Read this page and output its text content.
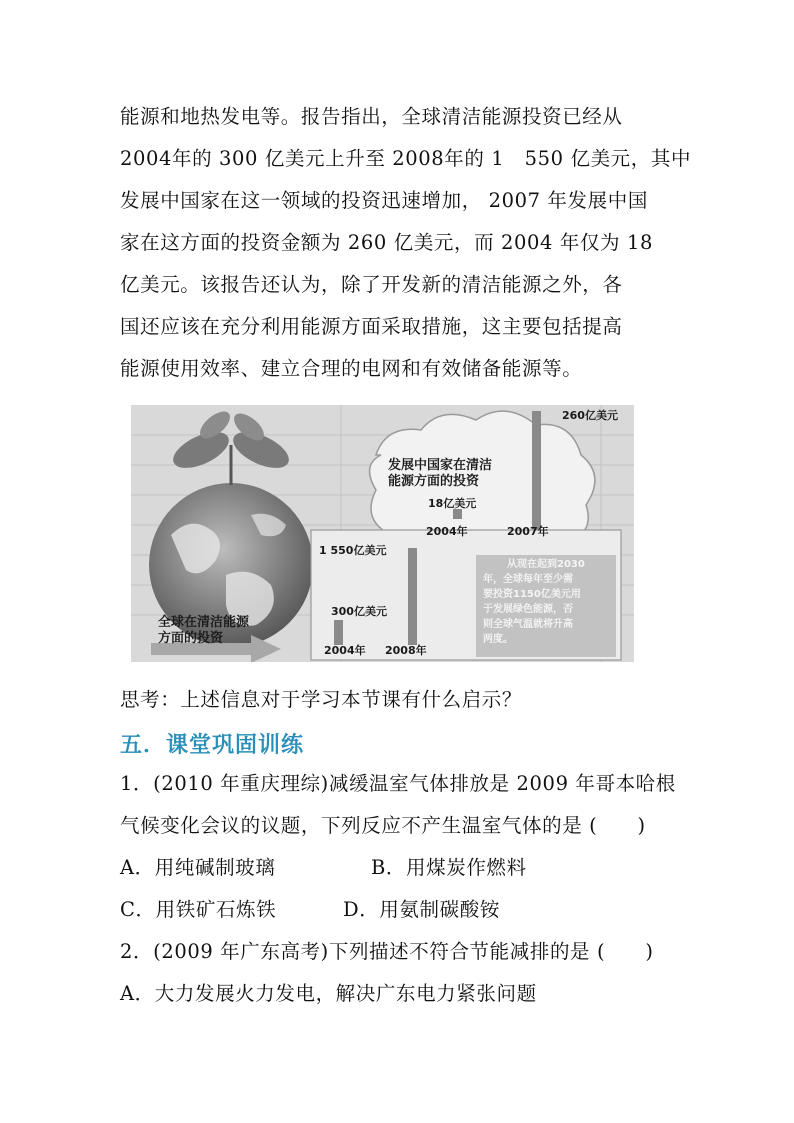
能源和地热发电等。报告指出，全球清洁能源投资已经从
2004年的 300 亿美元上升至 2008年的 1   550 亿美元，其中
发展中国家在这一领域的投资迅速增加， 2007 年发展中国
家在这方面的投资金额为 260 亿美元，而 2004 年仅为 18
亿美元。该报告还认为，除了开发新的清洁能源之外，各
国还应该在充分利用能源方面采取措施，这主要包括提高
能源使用效率、建立合理的电网和有效储备能源等。
260亿美元
发展中国家在清洁
能源方面的投资
18亿美元
2004年	2007年
1 550亿美元
300亿美元
2004年 2008年
全球在清洁能源
方面的投资
从现在起到2030
年，全球每年至少需
要投资1150亿美元用
于发展绿色能源，否
则全球气温就将升高
两度。
思考：上述信息对于学习本节课有什么启示？
五．课堂巩固训练
1．(2010 年重庆理综)减缓温室气体排放是 2009 年哥本哈根
气候变化会议的议题，下列反应不产生温室气体的是 (　　)
A．用纯碱制玻璃	B．用煤炭作燃料
C．用铁矿石炼铁	D．用氨制碳酸铵
2．(2009 年广东高考)下列描述不符合节能减排的是 (　　)
A．大力发展火力发电，解决广东电力紧张问题
